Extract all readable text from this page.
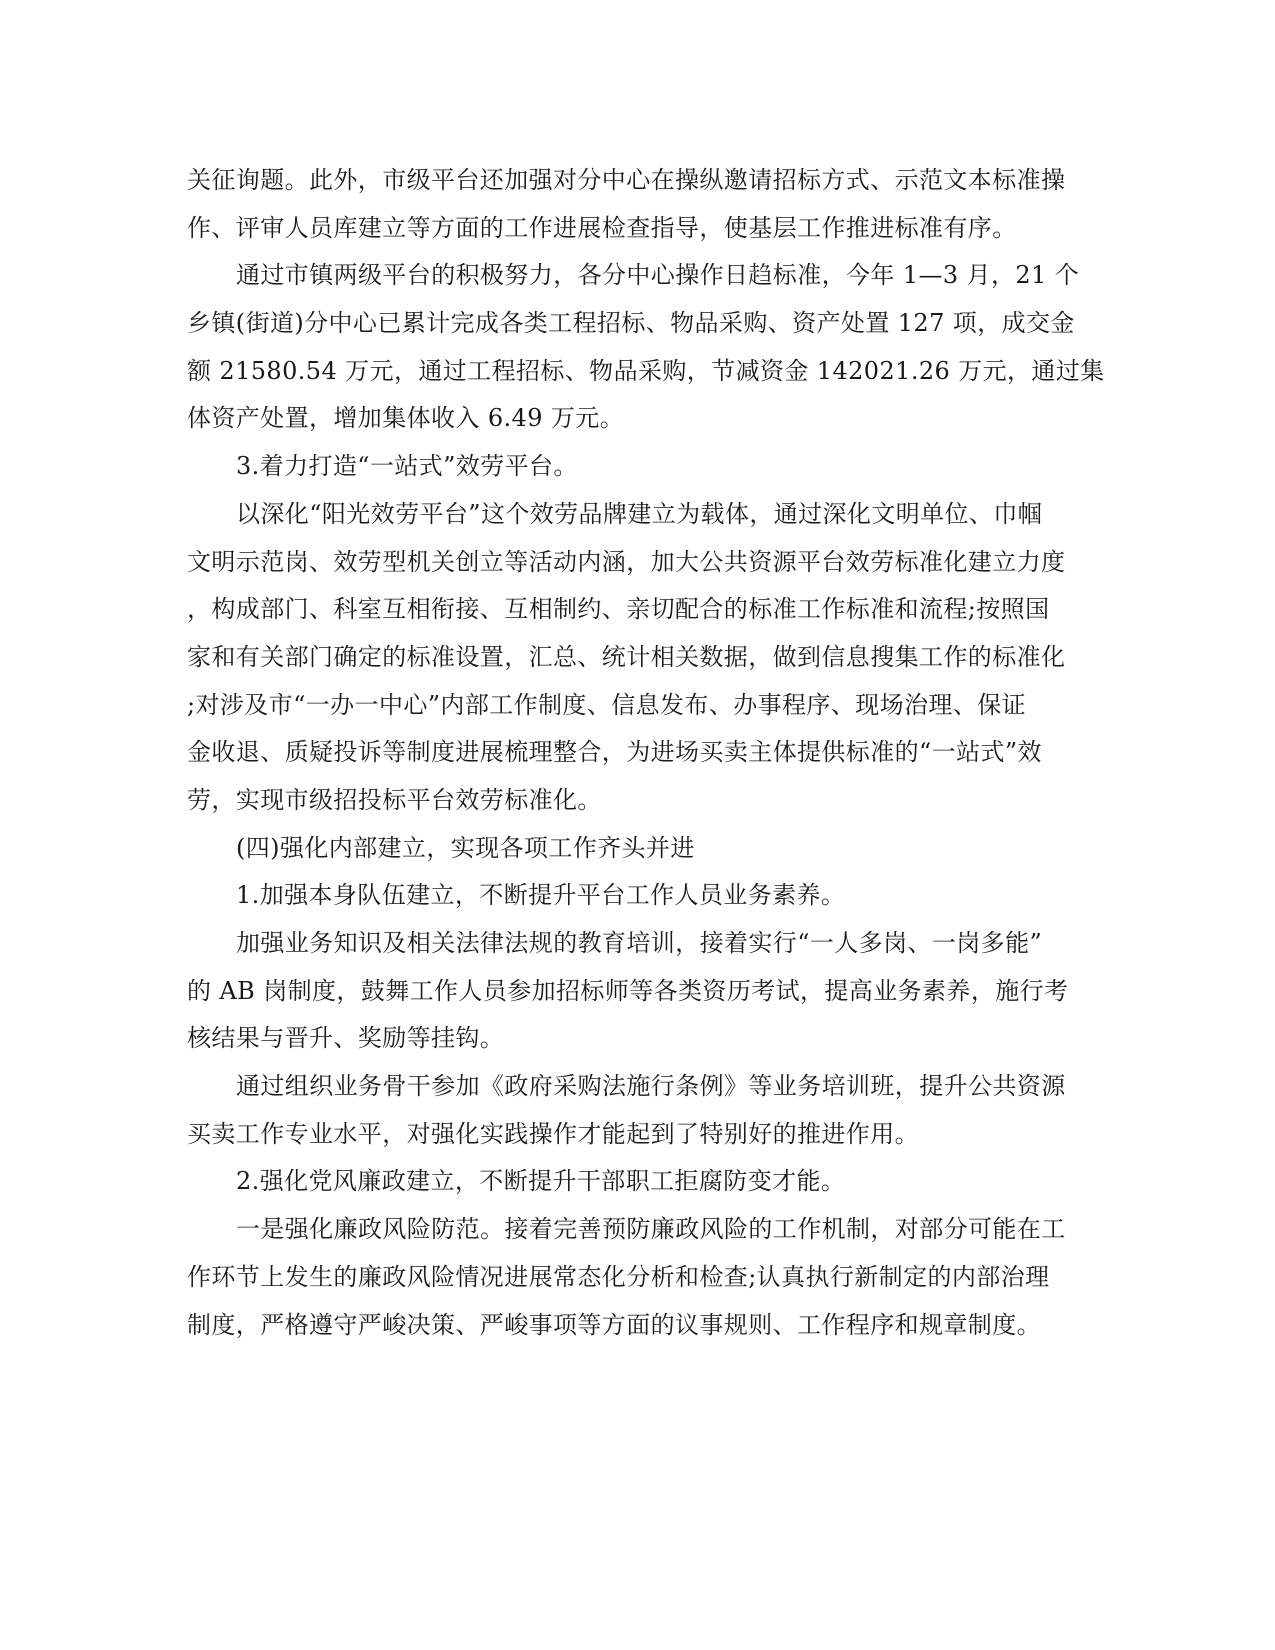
关征询题。此外，市级平台还加强对分中心在操纵邀请招标方式、示范文本标准操
作、评审人员库建立等方面的工作进展检查指导，使基层工作推进标准有序。
通过市镇两级平台的积极努力，各分中心操作日趋标准，今年 1—3 月，21 个
乡镇(街道)分中心已累计完成各类工程招标、物品采购、资产处置 127 项，成交金
额 21580.54 万元，通过工程招标、物品采购，节减资金 142021.26 万元，通过集
体资产处置，增加集体收入 6.49 万元。
3.着力打造“一站式”效劳平台。
以深化“阳光效劳平台”这个效劳品牌建立为载体，通过深化文明单位、巾帼
文明示范岗、效劳型机关创立等活动内涵，加大公共资源平台效劳标准化建立力度
，构成部门、科室互相衔接、互相制约、亲切配合的标准工作标准和流程;按照国
家和有关部门确定的标准设置，汇总、统计相关数据，做到信息搜集工作的标准化
;对涉及市“一办一中心”内部工作制度、信息发布、办事程序、现场治理、保证
金收退、质疑投诉等制度进展梳理整合，为进场买卖主体提供标准的“一站式”效
劳，实现市级招投标平台效劳标准化。
(四)强化内部建立，实现各项工作齐头并进
1.加强本身队伍建立，不断提升平台工作人员业务素养。
加强业务知识及相关法律法规的教育培训，接着实行“一人多岗、一岗多能”
的 AB 岗制度，鼓舞工作人员参加招标师等各类资历考试，提高业务素养，施行考
核结果与晋升、奖励等挂钩。
通过组织业务骨干参加《政府采购法施行条例》等业务培训班，提升公共资源
买卖工作专业水平，对强化实践操作才能起到了特别好的推进作用。
2.强化党风廉政建立，不断提升干部职工拒腐防变才能。
一是强化廉政风险防范。接着完善预防廉政风险的工作机制，对部分可能在工
作环节上发生的廉政风险情况进展常态化分析和检查;认真执行新制定的内部治理
制度，严格遵守严峻决策、严峻事项等方面的议事规则、工作程序和规章制度。
